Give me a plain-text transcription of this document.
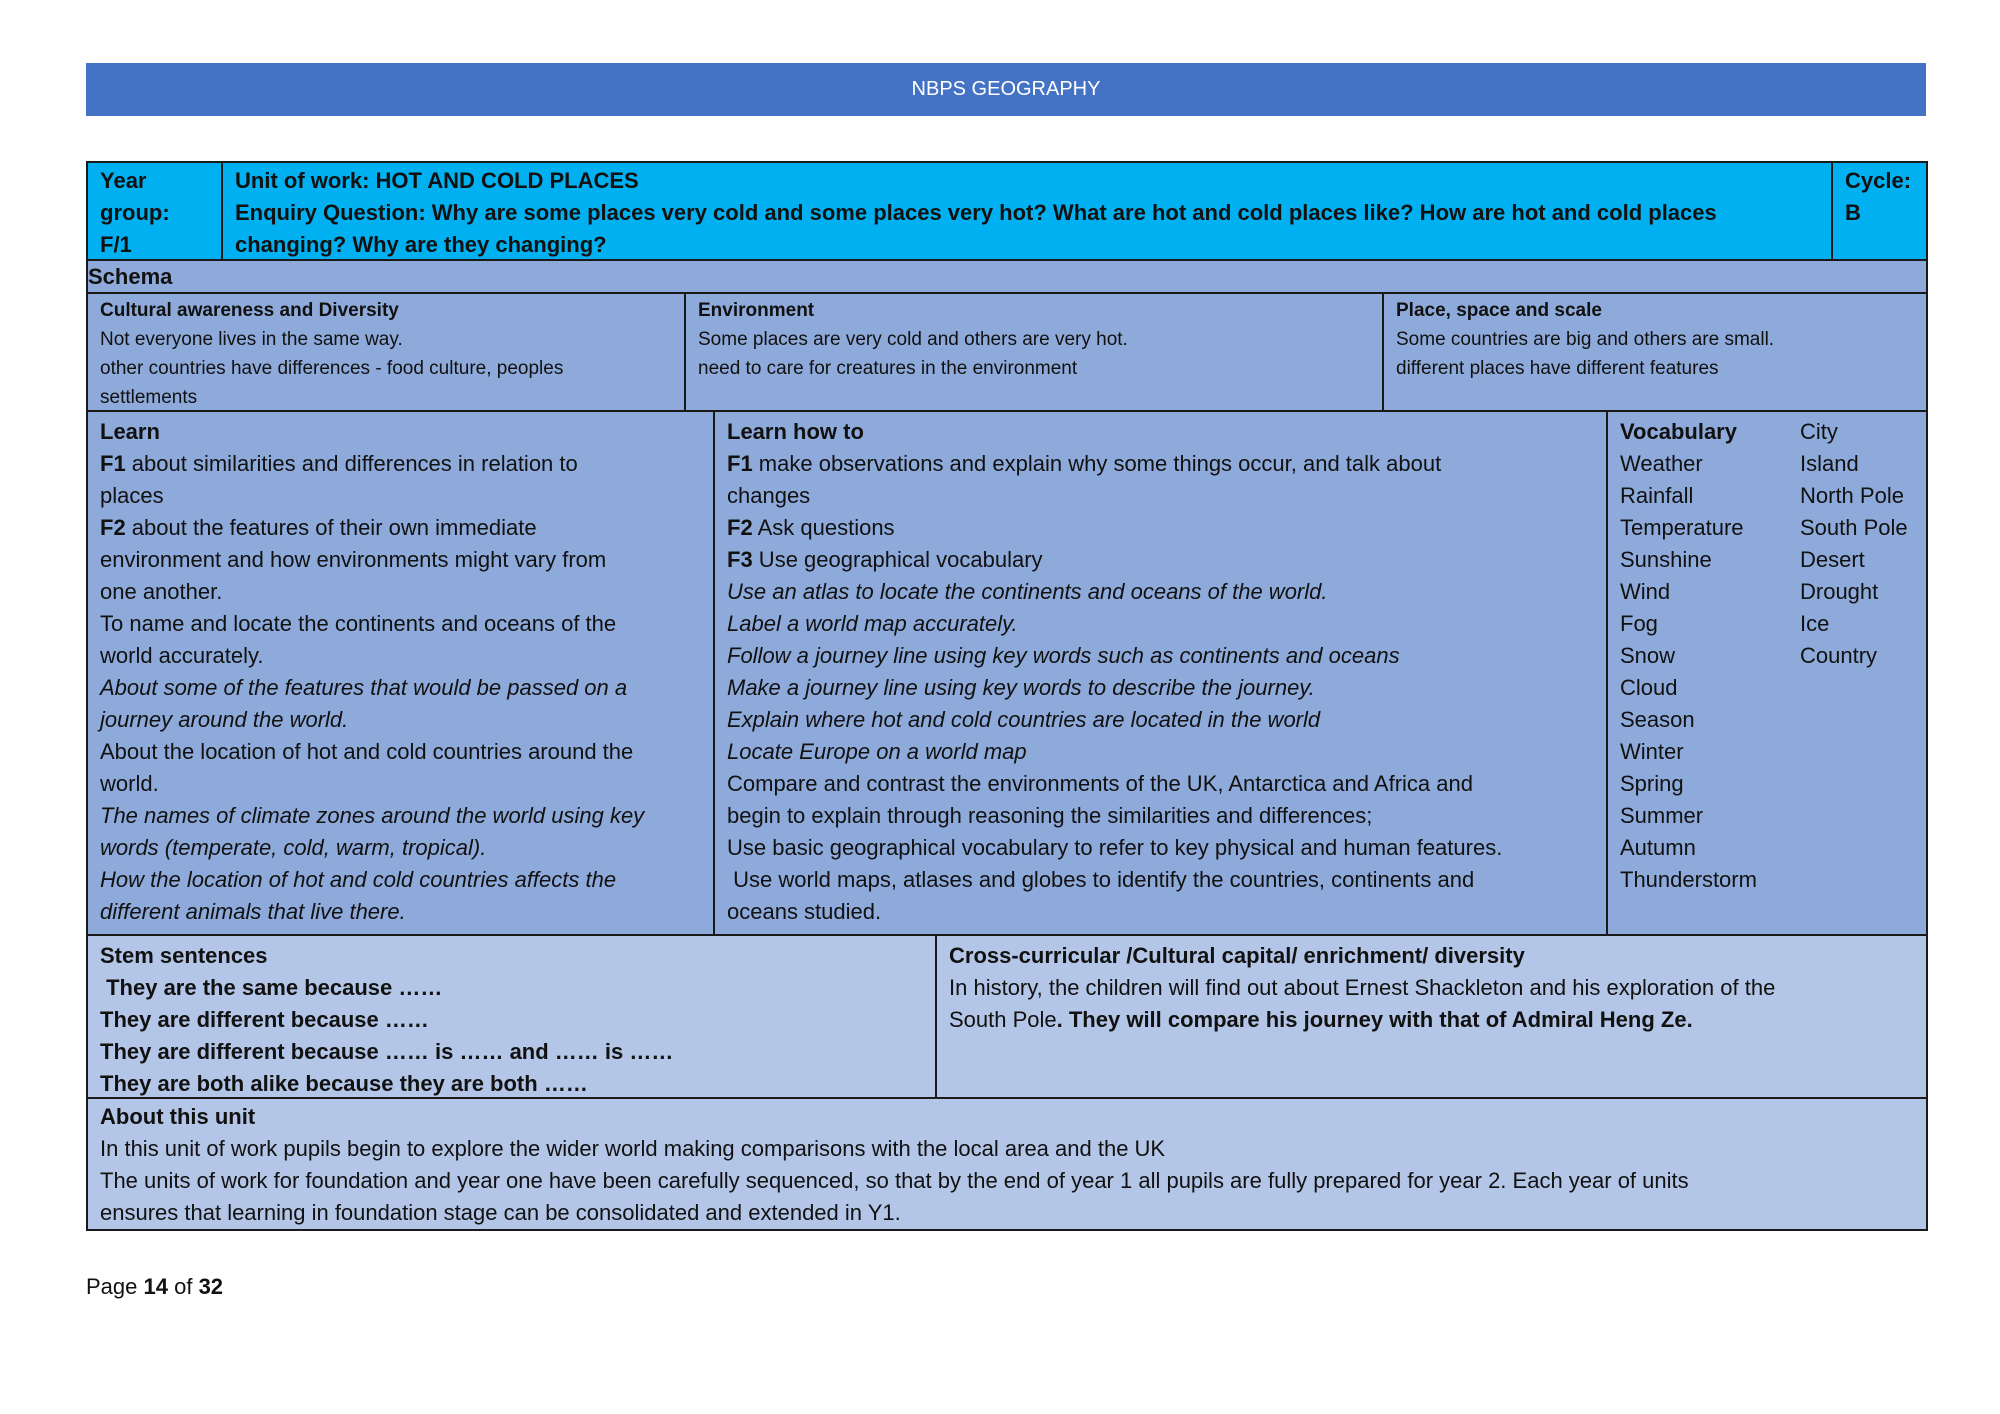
NBPS GEOGRAPHY
Year
group:
F/1
Unit of work: HOT AND COLD PLACES
Enquiry Question: Why are some places very cold and some places very hot? What are hot and cold places like? How are hot and cold places
changing? Why are they changing?
Cycle:
B
Schema
Cultural awareness and Diversity
Not everyone lives in the same way.
other countries have differences - food culture, peoples
settlements
Environment
Some places are very cold and others are very hot.
need to care for creatures in the environment
Place, space and scale
Some countries are big and others are small.
different places have different features
Learn
F1 about similarities and differences in relation to
places
F2 about the features of their own immediate
environment and how environments might vary from
one another.
To name and locate the continents and oceans of the
world accurately.
About some of the features that would be passed on a
journey around the world.
About the location of hot and cold countries around the
world.
The names of climate zones around the world using key
words (temperate, cold, warm, tropical).
How the location of hot and cold countries affects the
different animals that live there.
Learn how to
F1 make observations and explain why some things occur, and talk about
changes
F2 Ask questions
F3 Use geographical vocabulary
Use an atlas to locate the continents and oceans of the world.
Label a world map accurately.
Follow a journey line using key words such as continents and oceans
Make a journey line using key words to describe the journey.
Explain where hot and cold countries are located in the world
Locate Europe on a world map
Compare and contrast the environments of the UK, Antarctica and Africa and
begin to explain through reasoning the similarities and differences;
Use basic geographical vocabulary to refer to key physical and human features.
Use world maps, atlases and globes to identify the countries, continents and
oceans studied.
Vocabulary
Weather
Rainfall
Temperature
Sunshine
Wind
Fog
Snow
Cloud
Season
Winter
Spring
Summer
Autumn
Thunderstorm
City
Island
North Pole
South Pole
Desert
Drought
Ice
Country
Stem sentences
They are the same because ……
They are different because ……
They are different because …… is …… and …… is ……
They are both alike because they are both ……
Cross-curricular /Cultural capital/ enrichment/ diversity
In history, the children will find out about Ernest Shackleton and his exploration of the
South Pole. They will compare his journey with that of Admiral Heng Ze.
About this unit
In this unit of work pupils begin to explore the wider world making comparisons with the local area and the UK
The units of work for foundation and year one have been carefully sequenced, so that by the end of year 1 all pupils are fully prepared for year 2. Each year of units
ensures that learning in foundation stage can be consolidated and extended in Y1.
Page 14 of 32
